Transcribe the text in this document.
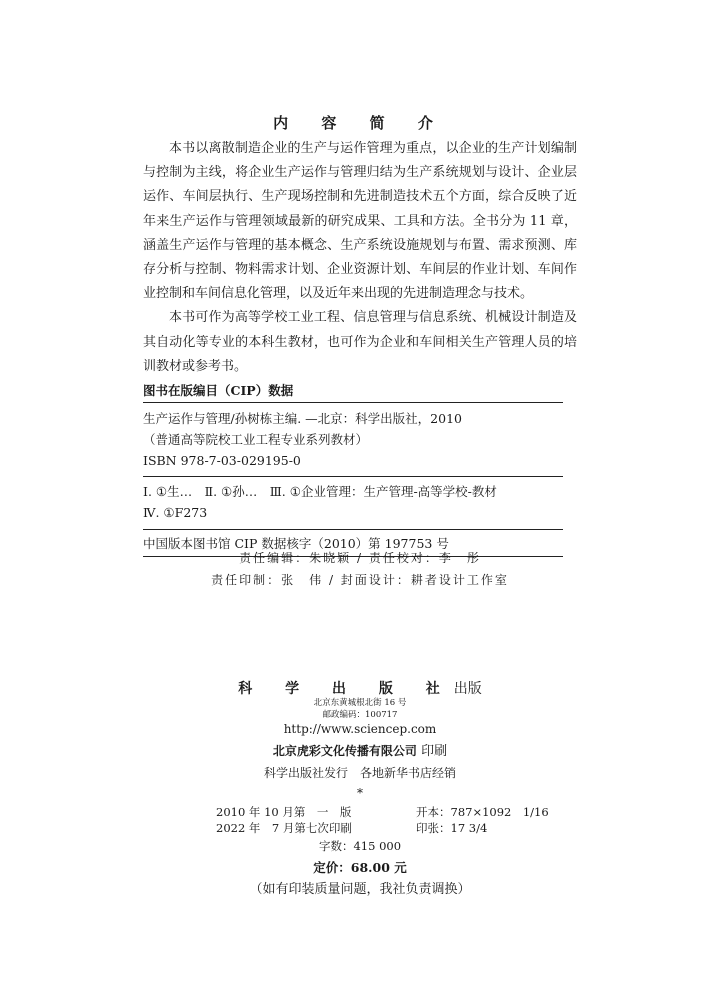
内 容 简 介

本书以离散制造企业的生产与运作管理为重点，以企业的生产计划编制与控制为主线，将企业生产运作与管理归结为生产系统规划与设计、企业层运作、车间层执行、生产现场控制和先进制造技术五个方面，综合反映了近年来生产运作与管理领域最新的研究成果、工具和方法。全书分为 11 章，涵盖生产运作与管理的基本概念、生产系统设施规划与布置、需求预测、库存分析与控制、物料需求计划、企业资源计划、车间层的作业计划、车间作业控制和车间信息化管理，以及近年来出现的先进制造理念与技术。

本书可作为高等学校工业工程、信息管理与信息系统、机械设计制造及其自动化等专业的本科生教材，也可作为企业和车间相关生产管理人员的培训教材或参考书。

图书在版编目（CIP）数据
生产运作与管理/孙树栋主编. —北京：科学出版社，2010
（普通高等院校工业工程专业系列教材）
ISBN 978-7-03-029195-0
Ⅰ. ①生…　Ⅱ. ①孙…　Ⅲ. ①企业管理：生产管理-高等学校-教材
Ⅳ. ①F273
中国版本图书馆 CIP 数据核字（2010）第 197753 号
责任编辑：朱晓颖 / 责任校对：李　彤
责任印制：张　伟 / 封面设计：耕者设计工作室
科 学 出 版 社出版
北京东黄城根北街 16 号
邮政编码：100717
http://www.sciencep.com
北京虎彩文化传播有限公司 印刷
科学出版社发行　各地新华书店经销
*
2010 年 10 月第　一　版	开本：787×1092　1/16
2022 年　7 月第七次印刷	印张：17 3/4
字数：415 000
定价：68.00 元
（如有印装质量问题，我社负责调换）
